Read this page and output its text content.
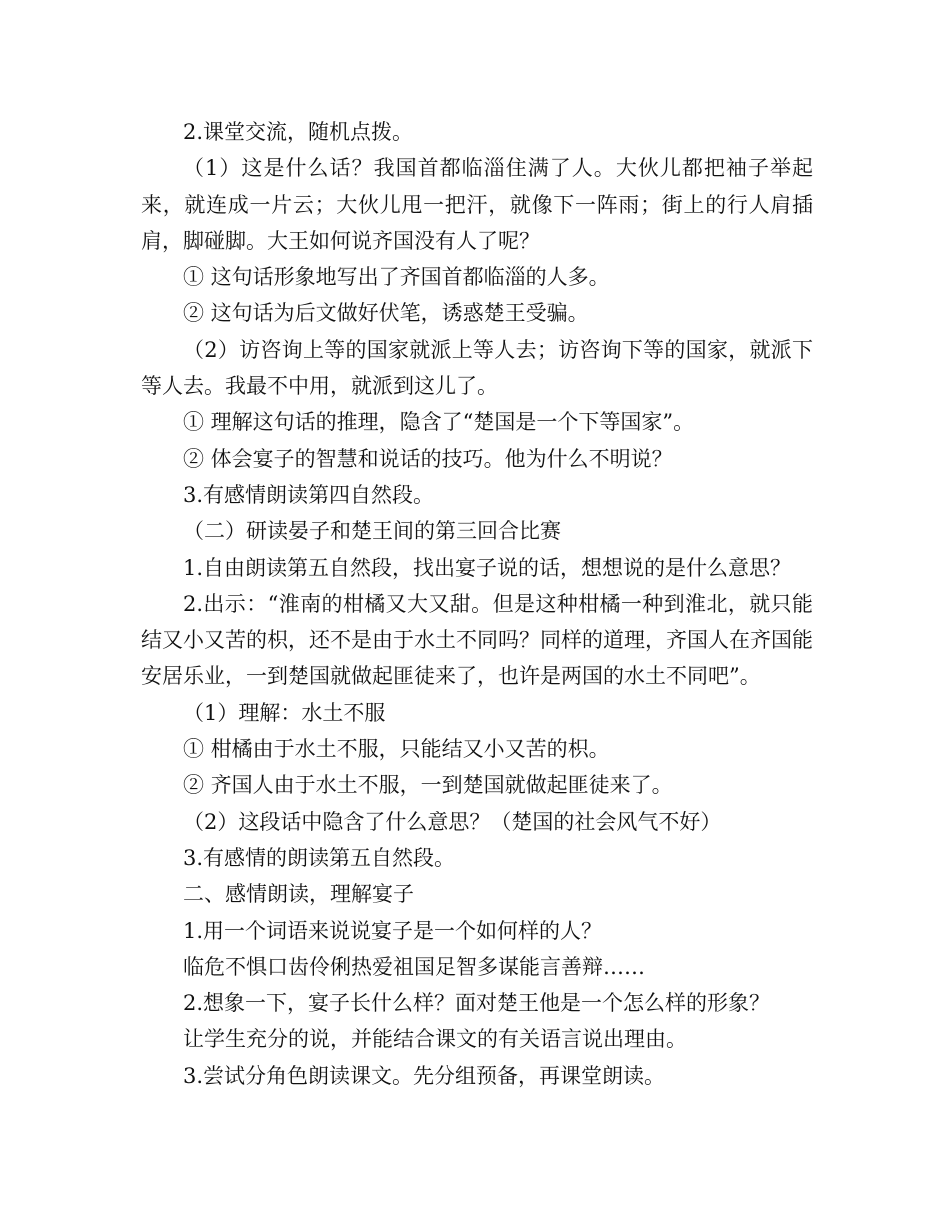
2.课堂交流，随机点拨。
（1）这是什么话？我国首都临淄住满了人。大伙儿都把袖子举起来，就连成一片云；大伙儿甩一把汗，就像下一阵雨；街上的行人肩插肩，脚碰脚。大王如何说齐国没有人了呢？
① 这句话形象地写出了齐国首都临淄的人多。
② 这句话为后文做好伏笔，诱惑楚王受骗。
（2）访咨询上等的国家就派上等人去；访咨询下等的国家，就派下等人去。我最不中用，就派到这儿了。
① 理解这句话的推理，隐含了“楚国是一个下等国家”。
② 体会宴子的智慧和说话的技巧。他为什么不明说？
3.有感情朗读第四自然段。
（二）研读晏子和楚王间的第三回合比赛
1.自由朗读第五自然段，找出宴子说的话，想想说的是什么意思？
2.出示：“淮南的柑橘又大又甜。但是这种柑橘一种到淮北，就只能结又小又苦的枳，还不是由于水土不同吗？同样的道理，齐国人在齐国能安居乐业，一到楚国就做起匪徒来了，也许是两国的水土不同吧”。
（1）理解：水土不服
① 柑橘由于水土不服，只能结又小又苦的枳。
② 齐国人由于水土不服，一到楚国就做起匪徒来了。
（2）这段话中隐含了什么意思？（楚国的社会风气不好）
3.有感情的朗读第五自然段。
二、感情朗读，理解宴子
1.用一个词语来说说宴子是一个如何样的人？
临危不惧口齿伶俐热爱祖国足智多谋能言善辩……
2.想象一下，宴子长什么样？面对楚王他是一个怎么样的形象？
让学生充分的说，并能结合课文的有关语言说出理由。
3.尝试分角色朗读课文。先分组预备，再课堂朗读。
